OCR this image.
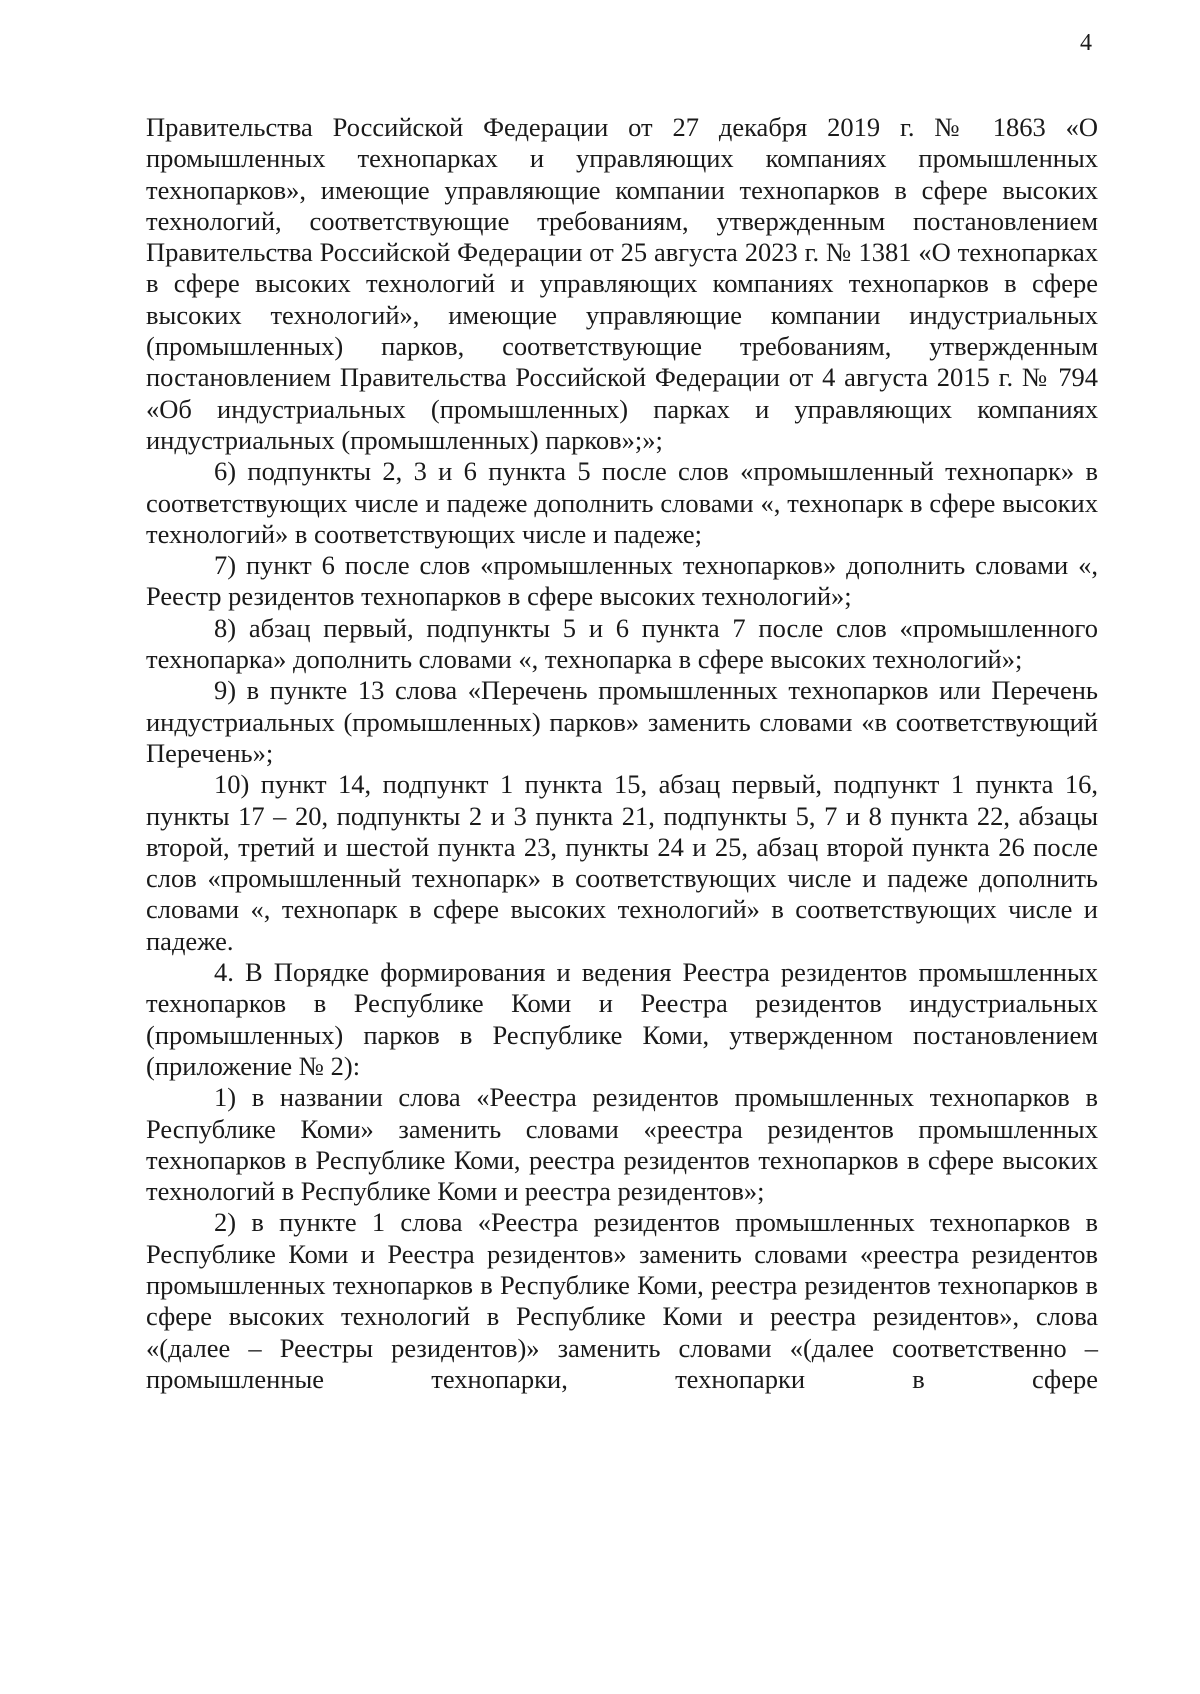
4

Правительства Российской Федерации от 27 декабря 2019 г. № 1863 «О промышленных технопарках и управляющих компаниях промышленных технопарков», имеющие управляющие компании технопарков в сфере высоких технологий, соответствующие требованиям, утвержденным постановлением Правительства Российской Федерации от 25 августа 2023 г. № 1381 «О технопарках в сфере высоких технологий и управляющих компаниях технопарков в сфере высоких технологий», имеющие управляющие компании индустриальных (промышленных) парков, соответствующие требованиям, утвержденным постановлением Правительства Российской Федерации от 4 августа 2015 г. № 794 «Об индустриальных (промышленных) парках и управляющих компаниях индустриальных (промышленных) парков»;»;

6) подпункты 2, 3 и 6 пункта 5 после слов «промышленный технопарк» в соответствующих числе и падеже дополнить словами «, технопарк в сфере высоких технологий» в соответствующих числе и падеже;

7) пункт 6 после слов «промышленных технопарков» дополнить словами «, Реестр резидентов технопарков в сфере высоких технологий»;

8) абзац первый, подпункты 5 и 6 пункта 7 после слов «промышленного технопарка» дополнить словами «, технопарка в сфере высоких технологий»;

9) в пункте 13 слова «Перечень промышленных технопарков или Перечень индустриальных (промышленных) парков» заменить словами «в соответствующий Перечень»;

10) пункт 14, подпункт 1 пункта 15, абзац первый, подпункт 1 пункта 16, пункты 17 – 20, подпункты 2 и 3 пункта 21, подпункты 5, 7 и 8 пункта 22, абзацы второй, третий и шестой пункта 23, пункты 24 и 25, абзац второй пункта 26 после слов «промышленный технопарк» в соответствующих числе и падеже дополнить словами «, технопарк в сфере высоких технологий» в соответствующих числе и падеже.

4. В Порядке формирования и ведения Реестра резидентов промышленных технопарков в Республике Коми и Реестра резидентов индустриальных (промышленных) парков в Республике Коми, утвержденном постановлением (приложение № 2):

1) в названии слова «Реестра резидентов промышленных технопарков в Республике Коми» заменить словами «реестра резидентов промышленных технопарков в Республике Коми, реестра резидентов технопарков в сфере высоких технологий в Республике Коми и реестра резидентов»;

2) в пункте 1 слова «Реестра резидентов промышленных технопарков в Республике Коми и Реестра резидентов» заменить словами «реестра резидентов промышленных технопарков в Республике Коми, реестра резидентов технопарков в сфере высоких технологий в Республике Коми и реестра резидентов», слова «(далее – Реестры резидентов)» заменить словами «(далее соответственно – промышленные технопарки, технопарки в сфере
